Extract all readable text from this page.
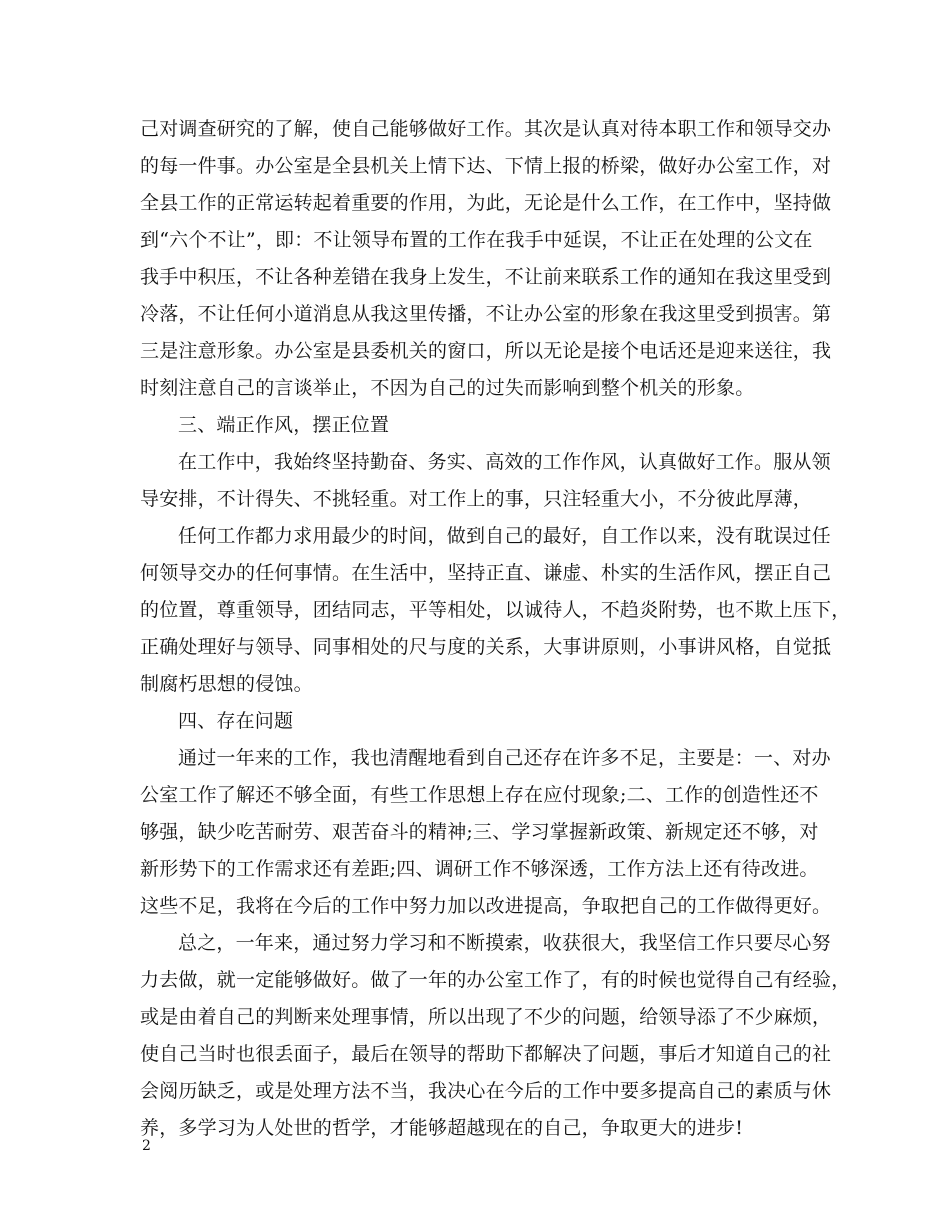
己对调查研究的了解，使自己能够做好工作。其次是认真对待本职工作和领导交办
的每一件事。办公室是全县机关上情下达、下情上报的桥梁，做好办公室工作，对
全县工作的正常运转起着重要的作用，为此，无论是什么工作，在工作中，坚持做
到“六个不让”，即：不让领导布置的工作在我手中延误，不让正在处理的公文在
我手中积压，不让各种差错在我身上发生，不让前来联系工作的通知在我这里受到
冷落，不让任何小道消息从我这里传播，不让办公室的形象在我这里受到损害。第
三是注意形象。办公室是县委机关的窗口，所以无论是接个电话还是迎来送往，我
时刻注意自己的言谈举止，不因为自己的过失而影响到整个机关的形象。
三、端正作风，摆正位置
在工作中，我始终坚持勤奋、务实、高效的工作作风，认真做好工作。服从领
导安排，不计得失、不挑轻重。对工作上的事，只注轻重大小，不分彼此厚薄，
任何工作都力求用最少的时间，做到自己的最好，自工作以来，没有耽误过任
何领导交办的任何事情。在生活中，坚持正直、谦虚、朴实的生活作风，摆正自己
的位置，尊重领导，团结同志，平等相处，以诚待人，不趋炎附势，也不欺上压下，
正确处理好与领导、同事相处的尺与度的关系，大事讲原则，小事讲风格，自觉抵
制腐朽思想的侵蚀。
四、存在问题
通过一年来的工作，我也清醒地看到自己还存在许多不足，主要是：一、对办
公室工作了解还不够全面，有些工作思想上存在应付现象;二、工作的创造性还不
够强，缺少吃苦耐劳、艰苦奋斗的精神;三、学习掌握新政策、新规定还不够，对
新形势下的工作需求还有差距;四、调研工作不够深透，工作方法上还有待改进。
这些不足，我将在今后的工作中努力加以改进提高，争取把自己的工作做得更好。
总之，一年来，通过努力学习和不断摸索，收获很大，我坚信工作只要尽心努
力去做，就一定能够做好。做了一年的办公室工作了，有的时候也觉得自己有经验，
或是由着自己的判断来处理事情，所以出现了不少的问题，给领导添了不少麻烦，
使自己当时也很丢面子，最后在领导的帮助下都解决了问题，事后才知道自己的社
会阅历缺乏，或是处理方法不当，我决心在今后的工作中要多提高自己的素质与休
养，多学习为人处世的哲学，才能够超越现在的自己，争取更大的进步!
2
